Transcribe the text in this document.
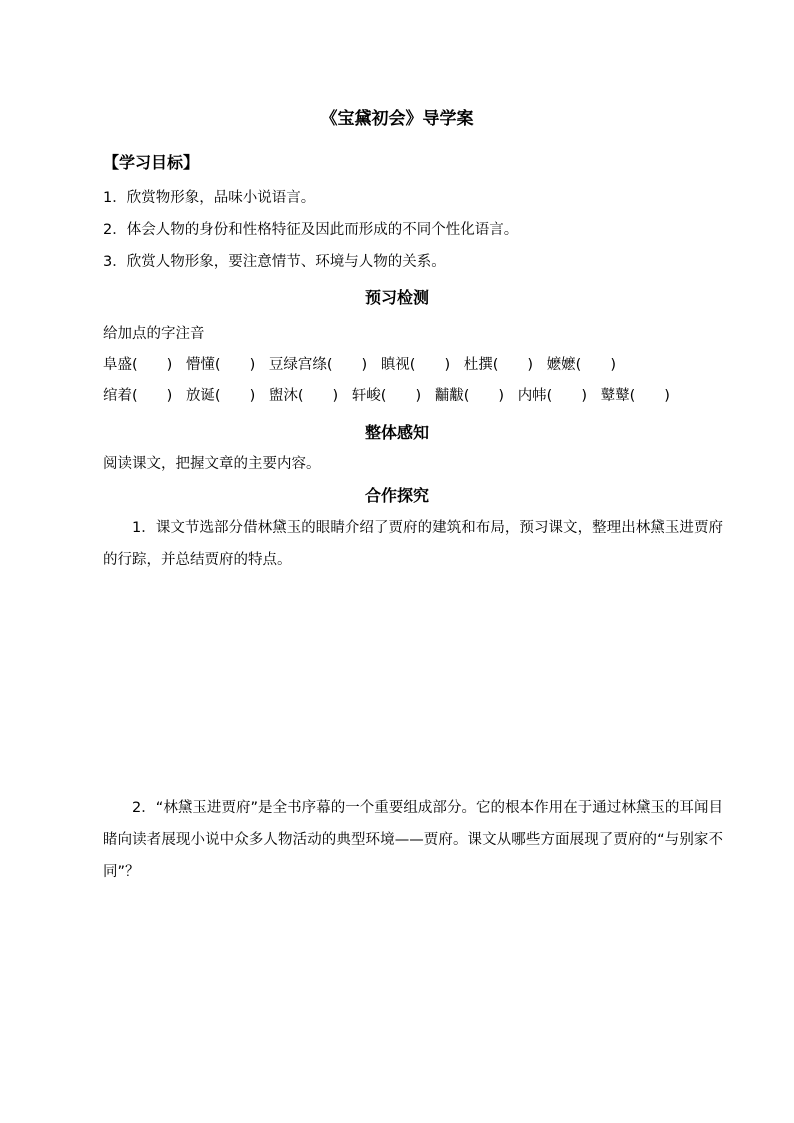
《宝黛初会》导学案
【学习目标】
1．欣赏物形象，品味小说语言。
2．体会人物的身份和性格特征及因此而形成的不同个性化语言。
3．欣赏人物形象，要注意情节、环境与人物的关系。
预习检测
给加点的字注音
阜盛(　　) 懵懂(　　) 豆绿宫绦(　　) 瞋视(　　) 杜撰(　　) 嬷嬷(　　)
绾着(　　) 放诞(　　) 盥沐(　　) 轩峻(　　) 黼黻(　　) 内帏(　　) 鼙鼙(　　)
整体感知
阅读课文，把握文章的主要内容。
合作探究
1．课文节选部分借林黛玉的眼睛介绍了贾府的建筑和布局，预习课文，整理出林黛玉进贾府的行踪，并总结贾府的特点。
2．“林黛玉进贾府”是全书序幕的一个重要组成部分。它的根本作用在于通过林黛玉的耳闻目睹向读者展现小说中众多人物活动的典型环境——贾府。课文从哪些方面展现了贾府的“与别家不同”？
